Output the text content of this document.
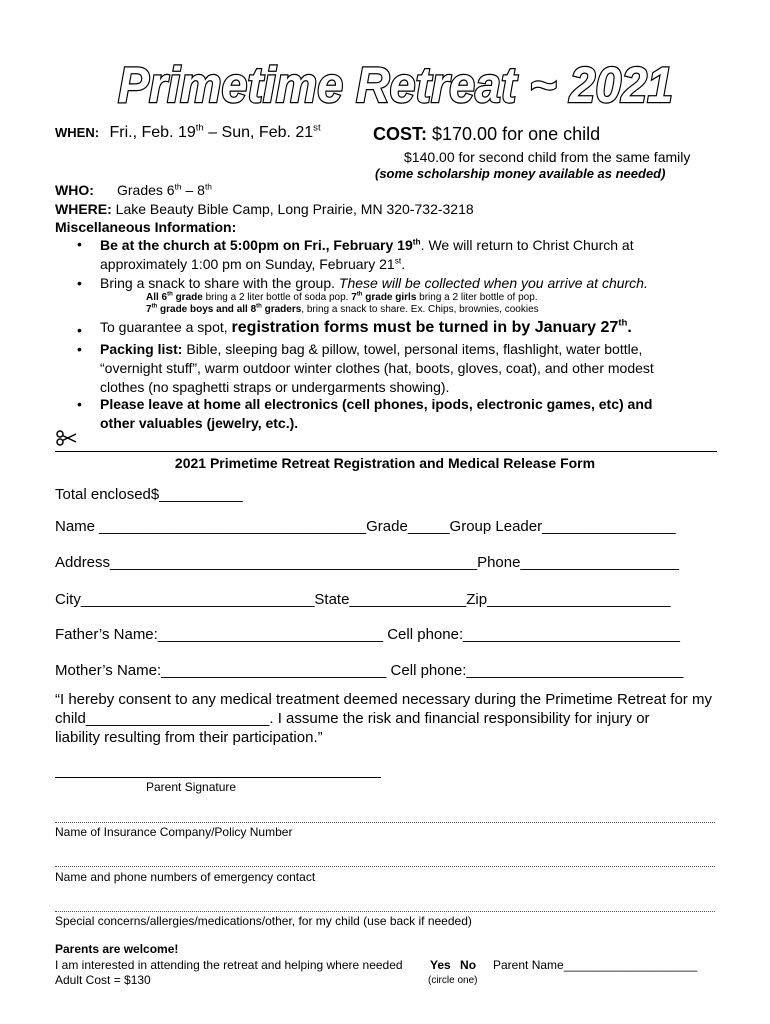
Primetime Retreat ~ 2021
WHEN: Fri., Feb. 19th – Sun, Feb. 21st	COST: $170.00 for one child
$140.00 for second child from the same family
(some scholarship money available as needed)
WHO: Grades 6th – 8th
WHERE: Lake Beauty Bible Camp, Long Prairie, MN 320-732-3218
Miscellaneous Information:
• Be at the church at 5:00pm on Fri., February 19th. We will return to Christ Church at
approximately 1:00 pm on Sunday, February 21st.
• Bring a snack to share with the group. These will be collected when you arrive at church.
All 6th grade bring a 2 liter bottle of soda pop. 7th grade girls bring a 2 liter bottle of pop.
7th grade boys and all 8th graders, bring a snack to share. Ex. Chips, brownies, cookies
• To guarantee a spot, registration forms must be turned in by January 27th.
• Packing list: Bible, sleeping bag & pillow, towel, personal items, flashlight, water bottle,
“overnight stuff”, warm outdoor winter clothes (hat, boots, gloves, coat), and other modest
clothes (no spaghetti straps or undergarments showing).
• Please leave at home all electronics (cell phones, ipods, electronic games, etc) and
other valuables (jewelry, etc.).
2021 Primetime Retreat Registration and Medical Release Form
Total enclosed$__________
Name ________________________________Grade_____Group Leader________________
Address____________________________________________Phone___________________
City____________________________State______________Zip______________________
Father’s Name:___________________________ Cell phone:__________________________
Mother’s Name:___________________________ Cell phone:__________________________
“I hereby consent to any medical treatment deemed necessary during the Primetime Retreat for my
child______________________. I assume the risk and financial responsibility for injury or
liability resulting from their participation.”
Parent Signature
Name of Insurance Company/Policy Number
Name and phone numbers of emergency contact
Special concerns/allergies/medications/other, for my child (use back if needed)
Parents are welcome!
I am interested in attending the retreat and helping where needed Yes No
(circle one)
Parent Name____________________
Adult Cost = $130
